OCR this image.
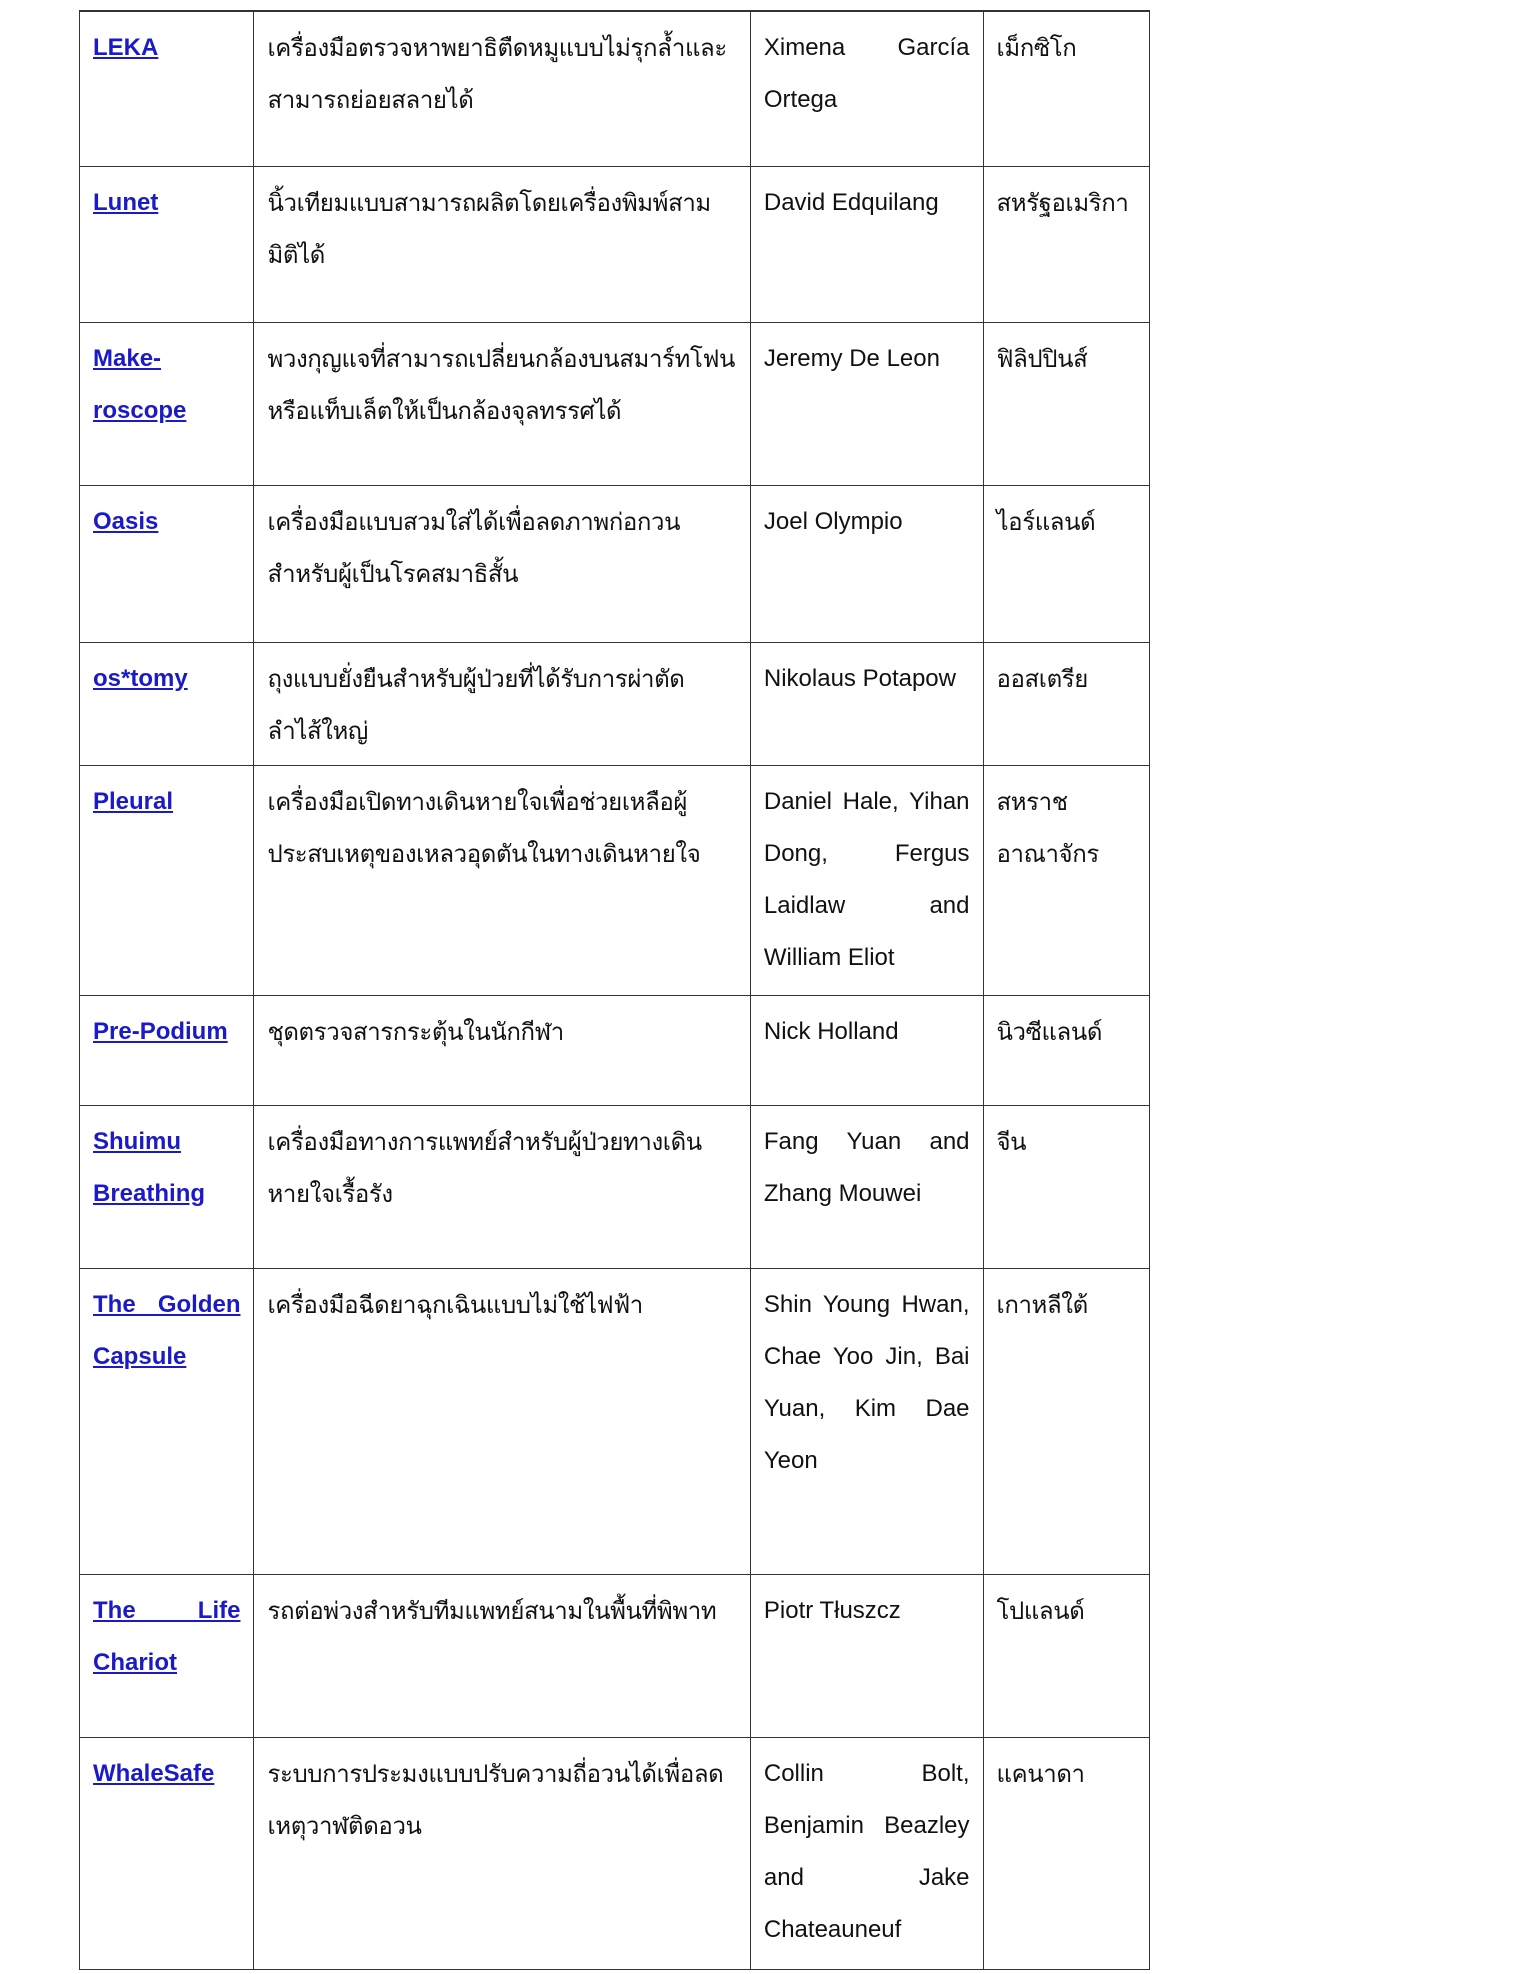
LEKA	เครื่องมือตรวจหาพยาธิตืดหมูแบบไม่รุกล้ำและสามารถย่อยสลายได้	Ximena García Ortega	เม็กซิโก
Lunet	นิ้วเทียมแบบสามารถผลิตโดยเครื่องพิมพ์สามมิติได้	David Edquilang	สหรัฐอเมริกา
Make-roscope	พวงกุญแจที่สามารถเปลี่ยนกล้องบนสมาร์ทโฟนหรือแท็บเล็ตให้เป็นกล้องจุลทรรศได้	Jeremy De Leon	ฟิลิปปินส์
Oasis	เครื่องมือแบบสวมใส่ได้เพื่อลดภาพก่อกวนสำหรับผู้เป็นโรคสมาธิสั้น	Joel Olympio	ไอร์แลนด์
os*tomy	ถุงแบบยั่งยืนสำหรับผู้ป่วยที่ได้รับการผ่าตัดลำไส้ใหญ่	Nikolaus Potapow	ออสเตรีย
Pleural	เครื่องมือเปิดทางเดินหายใจเพื่อช่วยเหลือผู้ประสบเหตุของเหลวอุดตันในทางเดินหายใจ	Daniel Hale, Yihan Dong, Fergus Laidlaw and William Eliot	สหราชอาณาจักร
Pre-Podium	ชุดตรวจสารกระตุ้นในนักกีฬา	Nick Holland	นิวซีแลนด์
Shuimu Breathing	เครื่องมือทางการแพทย์สำหรับผู้ป่วยทางเดินหายใจเรื้อรัง	Fang Yuan and Zhang Mouwei	จีน
The Golden Capsule	เครื่องมือฉีดยาฉุกเฉินแบบไม่ใช้ไฟฟ้า	Shin Young Hwan, Chae Yoo Jin, Bai Yuan, Kim Dae Yeon	เกาหลีใต้
The Life Chariot	รถต่อพ่วงสำหรับทีมแพทย์สนามในพื้นที่พิพาท	Piotr Tłuszcz	โปแลนด์
WhaleSafe	ระบบการประมงแบบปรับความถี่อวนได้เพื่อลดเหตุวาฬติดอวน	Collin Bolt, Benjamin Beazley and Jake Chateauneuf	แคนาดา
